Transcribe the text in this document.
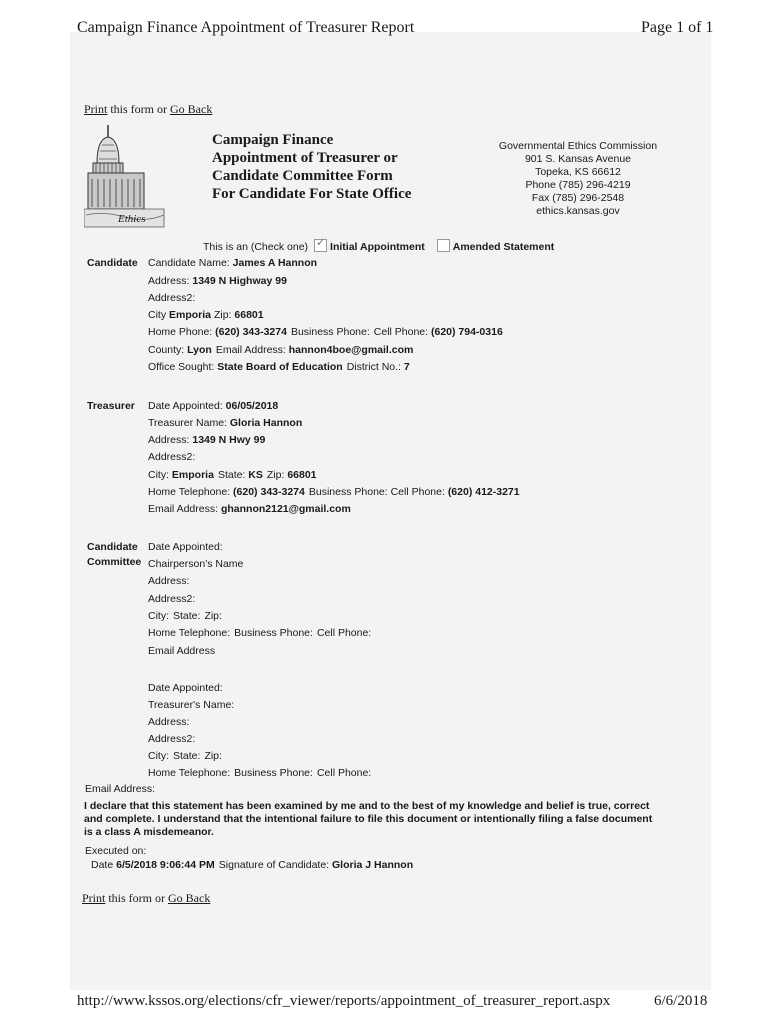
Campaign Finance Appointment of Treasurer Report	Page 1 of 1
Print this form or Go Back
Ethics
Campaign Finance
Appointment of Treasurer or
Candidate Committee Form
For Candidate For State Office
Governmental Ethics Commission
901 S. Kansas Avenue
Topeka, KS 66612
Phone (785) 296-4219
Fax (785) 296-2548
ethics.kansas.gov
This is an (Check one)✓ Initial Appointment	Amended Statement
Candidate Candidate Name: James A Hannon
Address: 1349 N Highway 99
Address2:
City Emporia Zip: 66801
Home Phone: (620) 343-3274 Business Phone: Cell Phone: (620) 794-0316
County: Lyon Email Address: hannon4boe@gmail.com
Office Sought: State Board of Education District No.: 7
Treasurer Date Appointed: 06/05/2018
Treasurer Name: Gloria Hannon
Address: 1349 N Hwy 99
Address2:
City: Emporia State: KS Zip: 66801
Home Telephone: (620) 343-3274 Business Phone: Cell Phone: (620) 412-3271
Email Address: ghannon2121@gmail.com
Candidate
Committee
Date Appointed:
Chairperson's Name
Address:
Address2:
City: State: Zip:
Home Telephone: Business Phone: Cell Phone:
Email Address
Date Appointed:
Treasurer's Name:
Address:
Address2:
City: State: Zip:
Home Telephone: Business Phone: Cell Phone:
Email Address:
I declare that this statement has been examined by me and to the best of my knowledge and belief is true, correct
and complete. I understand that the intentional failure to file this document or intentionally filing a false document
is a class A misdemeanor.
Executed on:
Date 6/5/2018 9:06:44 PM Signature of Candidate: Gloria J Hannon
Print this form or Go Back
http://www.kssos.org/elections/cfr_viewer/reports/appointment_of_treasurer_report.aspx	6/6/2018
